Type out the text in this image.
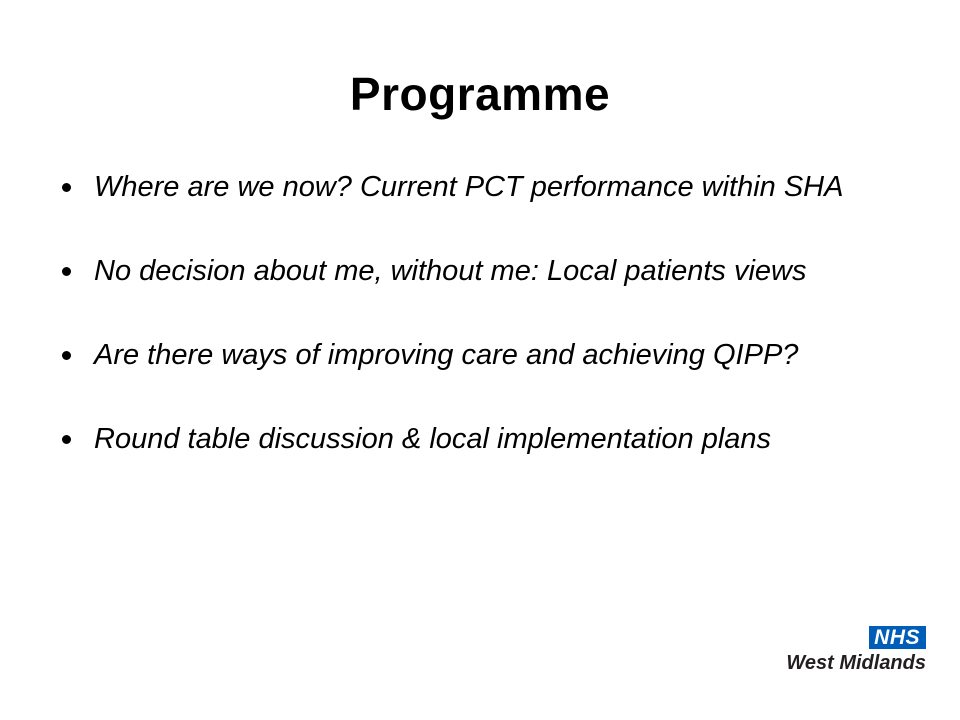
Programme
Where are we now? Current PCT performance within SHA
No decision about me, without me: Local patients views
Are there ways of improving care and achieving QIPP?
Round table discussion & local implementation plans
NHS
West Midlands
